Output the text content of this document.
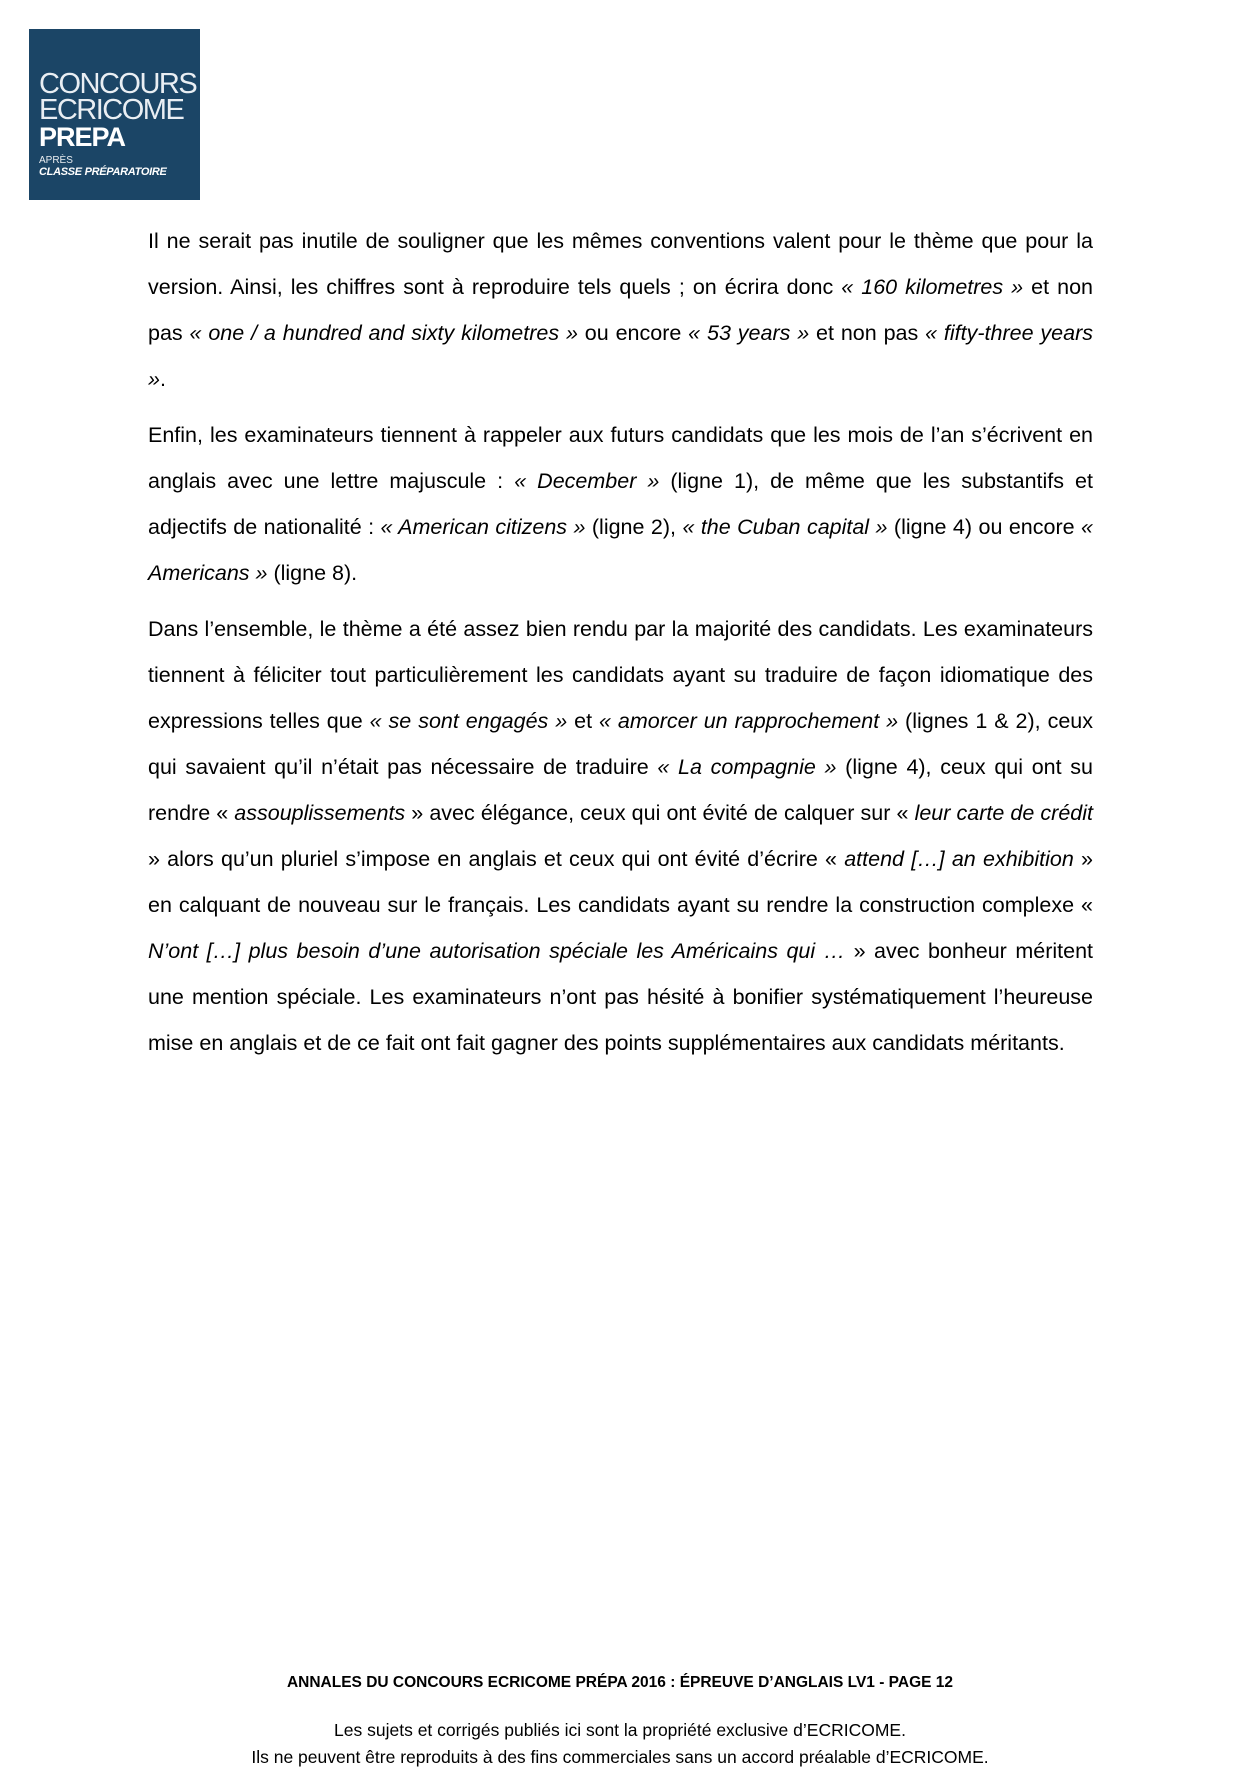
CONCOURS
ECRICOME
PREPA
APRÈS
CLASSE PRÉPARATOIRE

Il ne serait pas inutile de souligner que les mêmes conventions valent pour le thème que pour la version. Ainsi, les chiffres sont à reproduire tels quels ; on écrira donc « 160 kilometres » et non pas « one / a hundred and sixty kilometres » ou encore « 53 years » et non pas « fifty-three years ».

Enfin, les examinateurs tiennent à rappeler aux futurs candidats que les mois de l’an s’écrivent en anglais avec une lettre majuscule : « December » (ligne 1), de même que les substantifs et adjectifs de nationalité : « American citizens » (ligne 2), « the Cuban capital » (ligne 4) ou encore « Americans » (ligne 8).

Dans l’ensemble, le thème a été assez bien rendu par la majorité des candidats. Les examinateurs tiennent à féliciter tout particulièrement les candidats ayant su traduire de façon idiomatique des expressions telles que « se sont engagés » et « amorcer un rapprochement » (lignes 1 & 2), ceux qui savaient qu’il n’était pas nécessaire de traduire « La compagnie » (ligne 4), ceux qui ont su rendre « assouplissements » avec élégance, ceux qui ont évité de calquer sur « leur carte de crédit » alors qu’un pluriel s’impose en anglais et ceux qui ont évité d’écrire « attend […] an exhibition » en calquant de nouveau sur le français. Les candidats ayant su rendre la construction complexe « N’ont […] plus besoin d’une autorisation spéciale les Américains qui … » avec bonheur méritent une mention spéciale. Les examinateurs n’ont pas hésité à bonifier systématiquement l’heureuse mise en anglais et de ce fait ont fait gagner des points supplémentaires aux candidats méritants.

ANNALES DU CONCOURS ECRICOME PRÉPA 2016 : ÉPREUVE D’ANGLAIS LV1 - PAGE 12
Les sujets et corrigés publiés ici sont la propriété exclusive d’ECRICOME.
Ils ne peuvent être reproduits à des fins commerciales sans un accord préalable d’ECRICOME.
